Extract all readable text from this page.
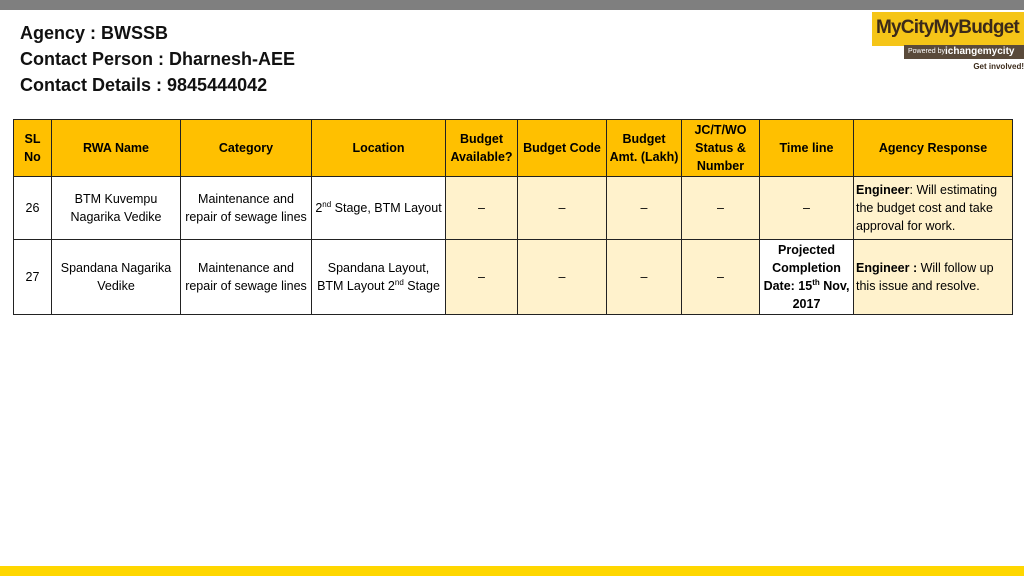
Agency : BWSSB
Contact Person : Dharnesh-AEE
Contact Details : 9845444042
MyCityMyBudget
Powered by ichangemycity
Get involved!
SL No	RWA Name	Category	Location	Budget Available?	Budget Code	Budget Amt. (Lakh)	JC/T/WO Status & Number	Time line	Agency Response
26	BTM Kuvempu Nagarika Vedike	Maintenance and repair of sewage lines	2nd Stage, BTM Layout	–	–	–	–	–	Engineer: Will estimating the budget cost and take approval for work.
27	Spandana Nagarika Vedike	Maintenance and repair of sewage lines	Spandana Layout, BTM Layout 2nd Stage	–	–	–	–	Projected Completion Date: 15th Nov, 2017	Engineer : Will follow up this issue and resolve.
